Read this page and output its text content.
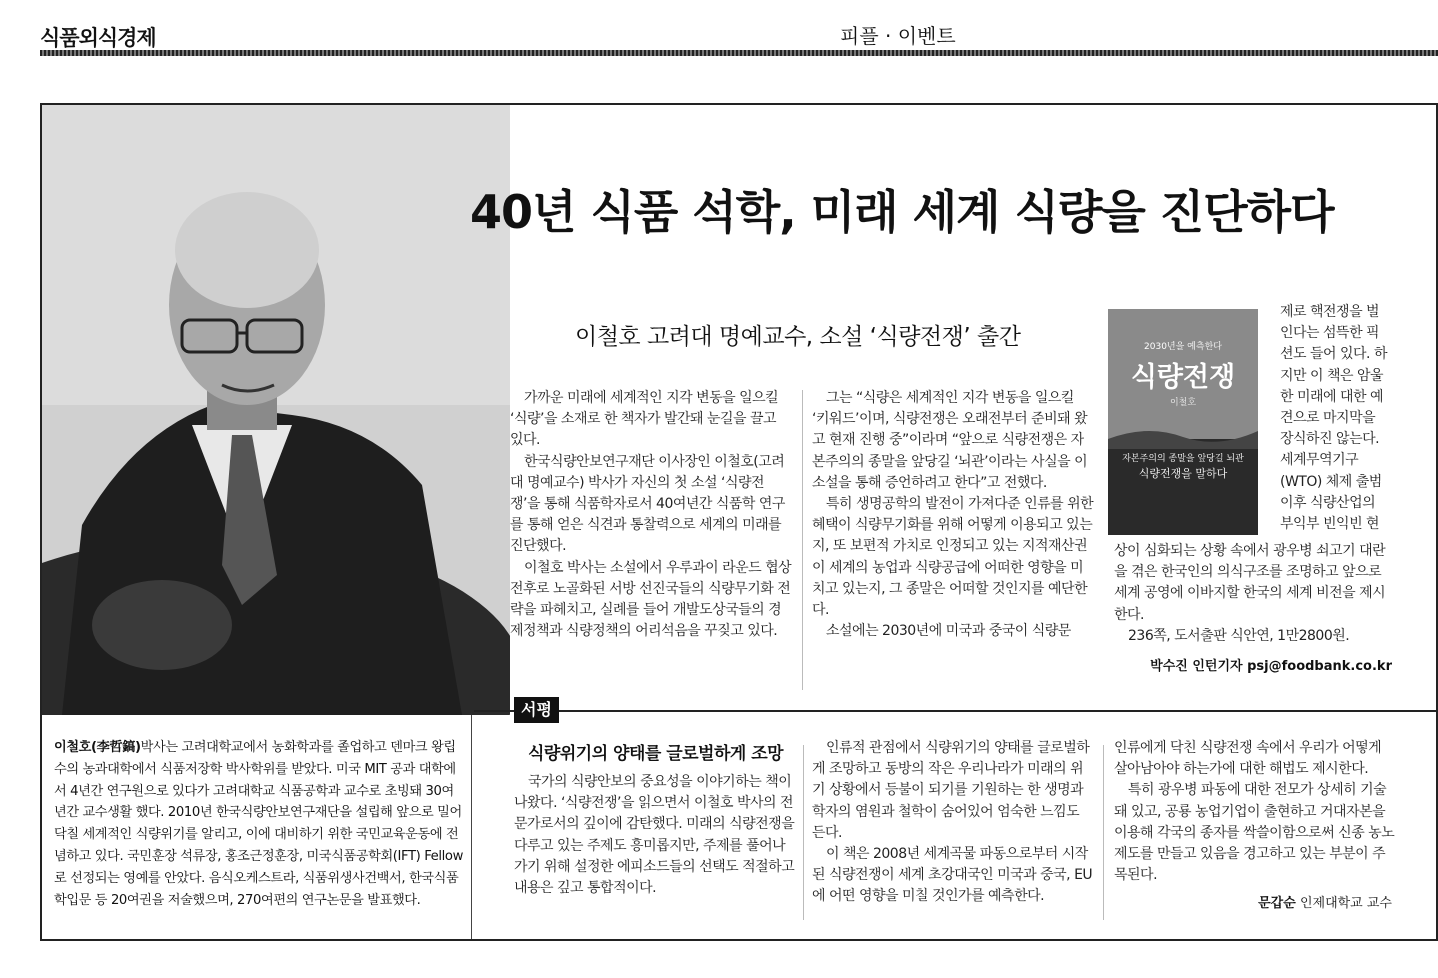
식품외식경제	피플 · 이벤트
이철호(李哲鎬)박사는 고려대학교에서 농화학과를 졸업하고 덴마크 왕립수의 농과대학에서 식품저장학 박사학위를 받았다. 미국 MIT 공과 대학에서 4년간 연구원으로 있다가 고려대학교 식품공학과 교수로 초빙돼 30여년간 교수생활 했다. 2010년 한국식량안보연구재단을 설립해 앞으로 밀어닥칠 세계적인 식량위기를 알리고, 이에 대비하기 위한 국민교육운동에 전념하고 있다. 국민훈장 석류장, 홍조근정훈장, 미국식품공학회(IFT) Fellow로 선정되는 영예를 안았다. 음식오케스트라, 식품위생사건백서, 한국식품학입문 등 20여권을 저술했으며, 270여편의 연구논문을 발표했다.
40년 식품 석학, 미래 세계 식량을 진단하다
이철호 고려대 명예교수, 소설 ‘식량전쟁’ 출간

가까운 미래에 세계적인 지각 변동을 일으킬 ‘식량’을 소재로 한 책자가 발간돼 눈길을 끌고 있다.

한국식량안보연구재단 이사장인 이철호(고려대 명예교수) 박사가 자신의 첫 소설 ‘식량전쟁’을 통해 식품학자로서 40여년간 식품학 연구를 통해 얻은 식견과 통찰력으로 세계의 미래를 진단했다.

이철호 박사는 소설에서 우루과이 라운드 협상 전후로 노골화된 서방 선진국들의 식량무기화 전략을 파헤치고, 실례를 들어 개발도상국들의 경제정책과 식량정책의 어리석음을 꾸짖고 있다.

그는 “식량은 세계적인 지각 변동을 일으킬 ‘키워드’이며, 식량전쟁은 오래전부터 준비돼 왔고 현재 진행 중”이라며 “앞으로 식량전쟁은 자본주의의 종말을 앞당길 ‘뇌관’이라는 사실을 이 소설을 통해 증언하려고 한다”고 전했다.

특히 생명공학의 발전이 가져다준 인류를 위한 혜택이 식량무기화를 위해 어떻게 이용되고 있는지, 또 보편적 가치로 인정되고 있는 지적재산권이 세계의 농업과 식량공급에 어떠한 영향을 미치고 있는지, 그 종말은 어떠할 것인지를 예단한다.

소설에는 2030년에 미국과 중국이 식량문

2030년을 예측한다
식량전쟁
이철호
자본주의의 종말을 앞당길 뇌관
식량전쟁을 말하다

제로 핵전쟁을 벌인다는 섬뜩한 픽션도 들어 있다. 하지만 이 책은 암울한 미래에 대한 예견으로 마지막을 장식하진 않는다. 세계무역기구(WTO) 체제 출범 이후 식량산업의 부익부 빈익빈 현

상이 심화되는 상황 속에서 광우병 쇠고기 대란을 겪은 한국인의 의식구조를 조명하고 앞으로 세계 공영에 이바지할 한국의 세계 비전을 제시한다.

236쪽, 도서출판 식안연, 1만2800원.

박수진 인턴기자 psj@foodbank.co.kr
서평
식량위기의 양태를 글로벌하게 조망

국가의 식량안보의 중요성을 이야기하는 책이 나왔다. ‘식량전쟁’을 읽으면서 이철호 박사의 전문가로서의 깊이에 감탄했다. 미래의 식량전쟁을 다루고 있는 주제도 흥미롭지만, 주제를 풀어나가기 위해 설정한 에피소드들의 선택도 적절하고 내용은 깊고 통합적이다.

인류적 관점에서 식량위기의 양태를 글로벌하게 조망하고 동방의 작은 우리나라가 미래의 위기 상황에서 등불이 되기를 기원하는 한 생명과학자의 염원과 철학이 숨어있어 엄숙한 느낌도 든다.

이 책은 2008년 세계곡물 파동으로부터 시작된 식량전쟁이 세계 초강대국인 미국과 중국, EU에 어떤 영향을 미칠 것인가를 예측한다.

인류에게 닥친 식량전쟁 속에서 우리가 어떻게 살아남아야 하는가에 대한 해법도 제시한다.

특히 광우병 파동에 대한 전모가 상세히 기술돼 있고, 공룡 농업기업이 출현하고 거대자본을 이용해 각국의 종자를 싹쓸이함으로써 신종 농노제도를 만들고 있음을 경고하고 있는 부분이 주목된다.

문갑순 인제대학교 교수
